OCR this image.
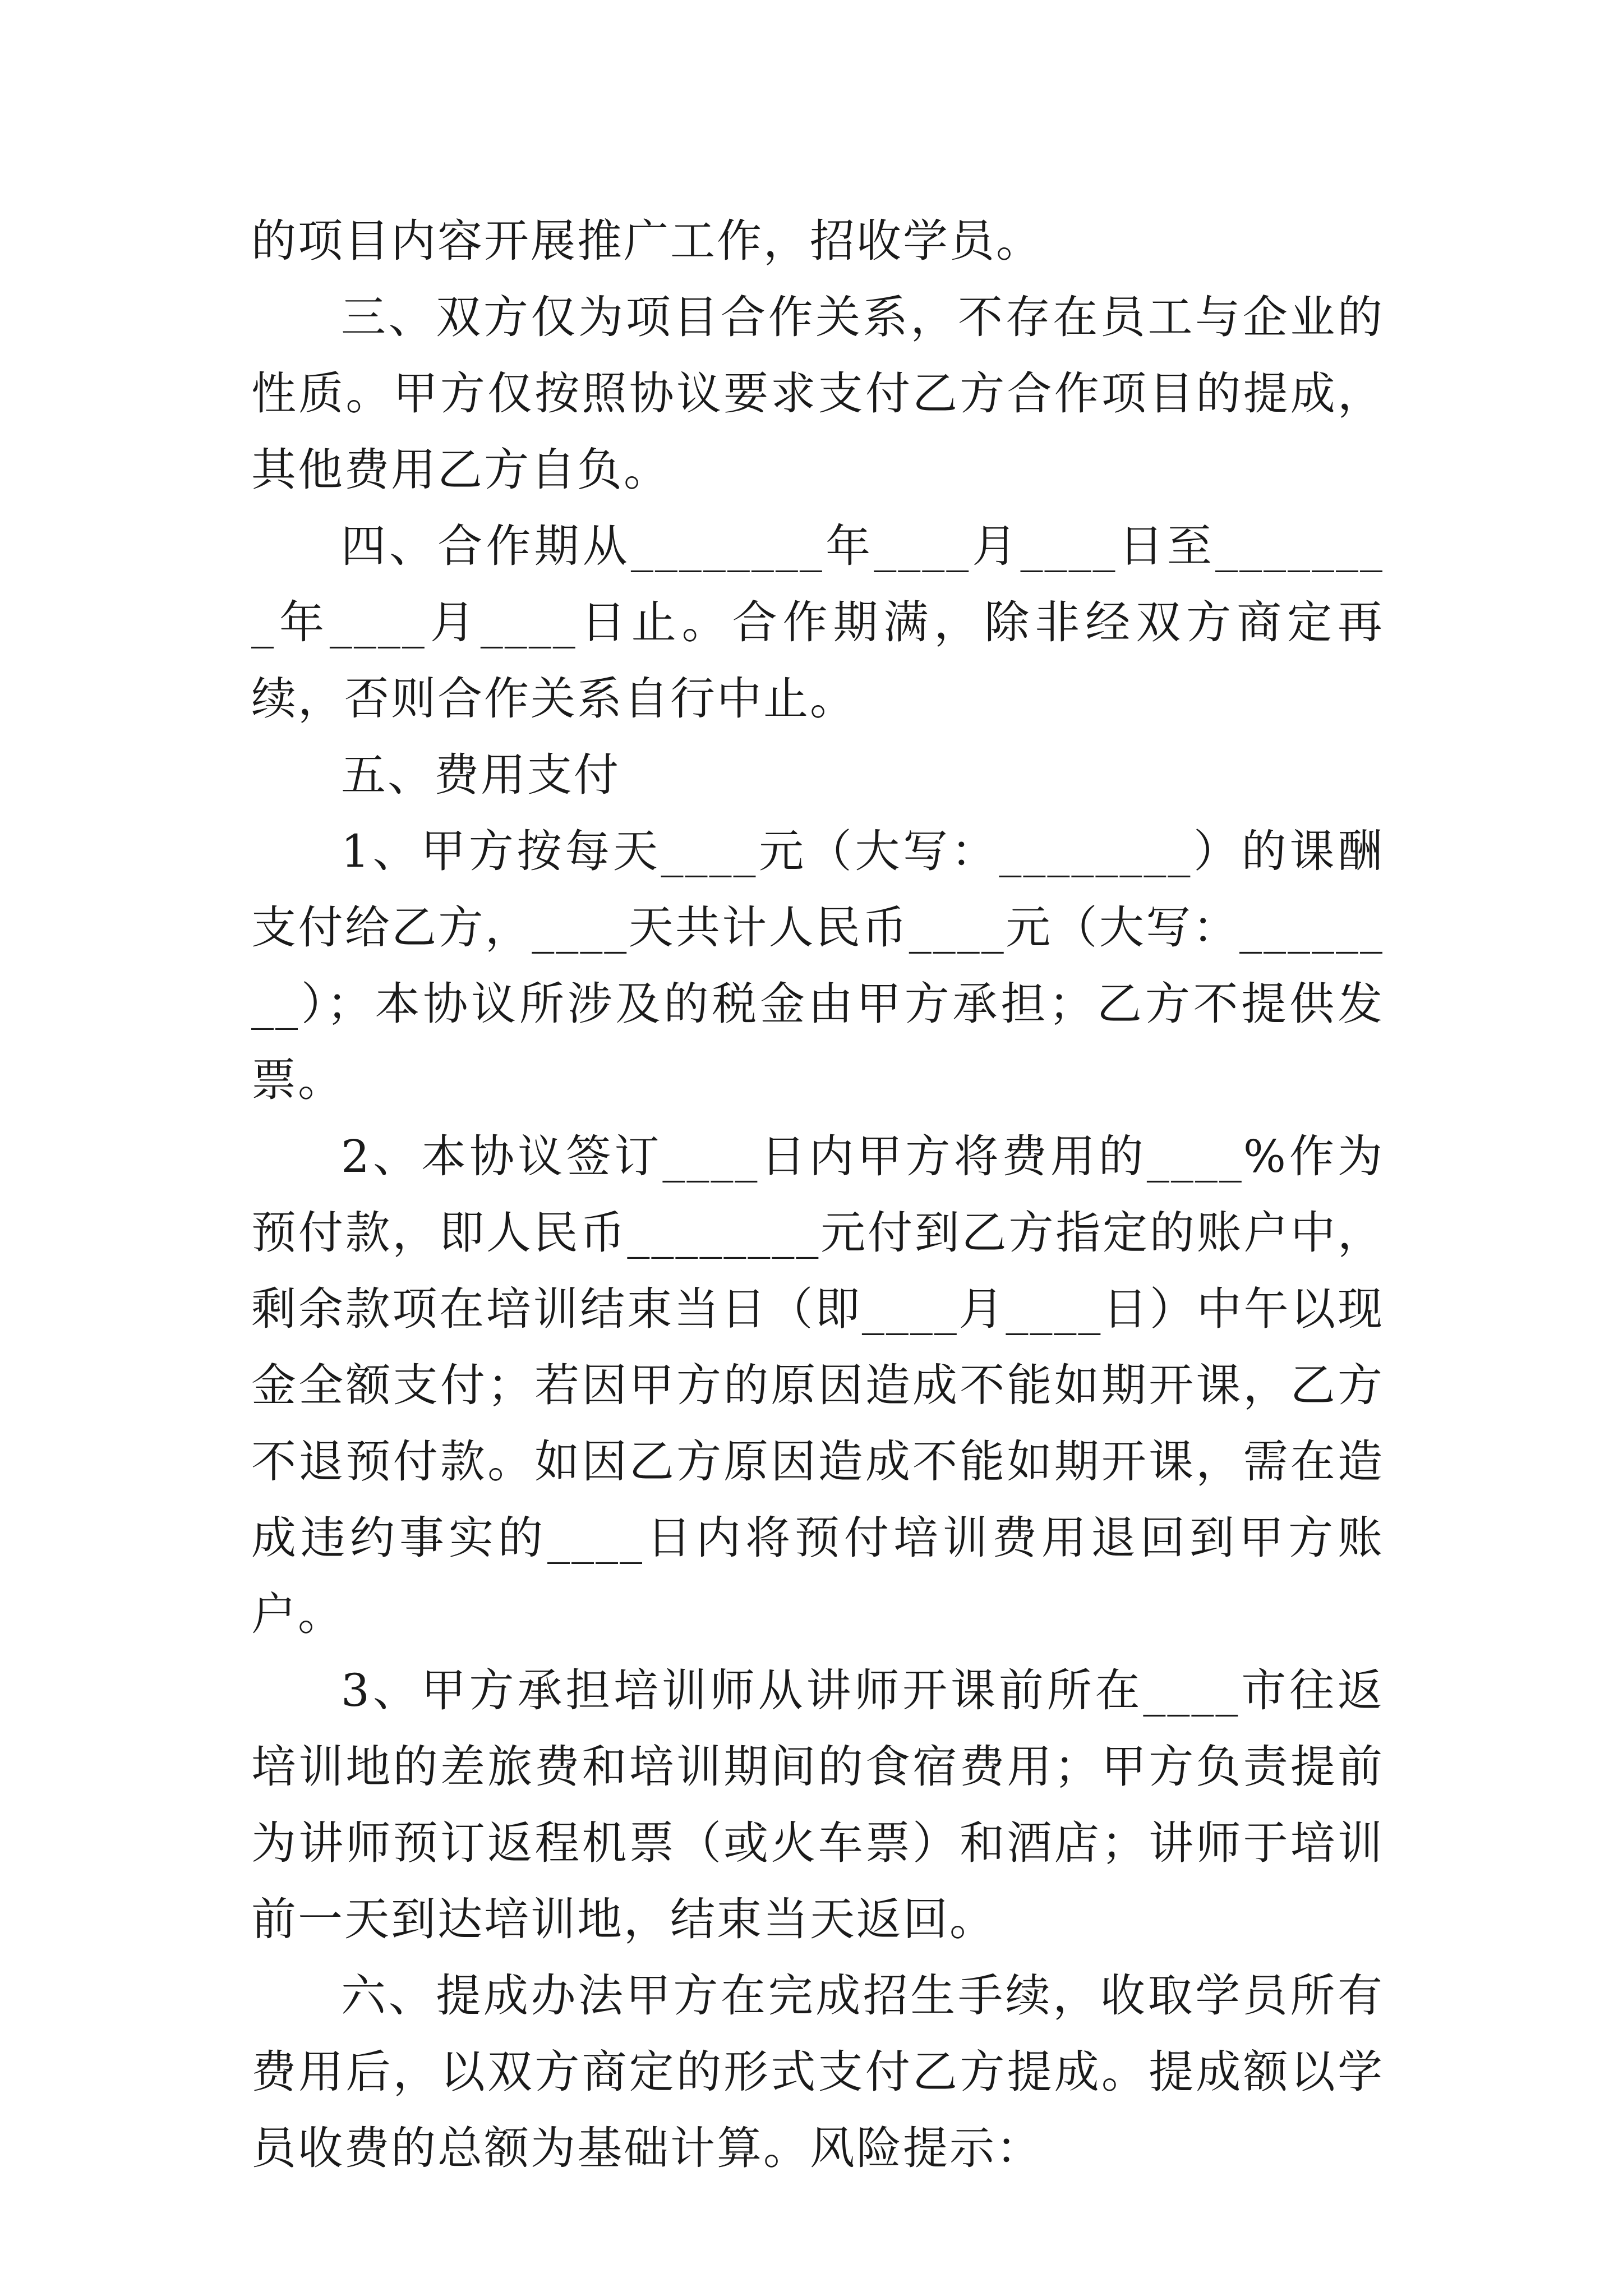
的项目内容开展推广工作，招收学员。

三、双方仅为项目合作关系，不存在员工与企业的性质。甲方仅按照协议要求支付乙方合作项目的提成，其他费用乙方自负。

四、合作期从________年____月____日至________年____月____日止。合作期满，除非经双方商定再续，否则合作关系自行中止。

五、费用支付

1、甲方按每天____元（大写：________）的课酬支付给乙方，____天共计人民币____元（大写：________）；本协议所涉及的税金由甲方承担；乙方不提供发票。

2、本协议签订____日内甲方将费用的____%作为预付款，即人民币________元付到乙方指定的账户中，剩余款项在培训结束当日（即____月____日）中午以现金全额支付；若因甲方的原因造成不能如期开课，乙方不退预付款。如因乙方原因造成不能如期开课，需在造成违约事实的____日内将预付培训费用退回到甲方账户。

3、甲方承担培训师从讲师开课前所在____市往返培训地的差旅费和培训期间的食宿费用；甲方负责提前为讲师预订返程机票（或火车票）和酒店；讲师于培训前一天到达培训地，结束当天返回。

六、提成办法甲方在完成招生手续，收取学员所有费用后，以双方商定的形式支付乙方提成。提成额以学员收费的总额为基础计算。风险提示：
